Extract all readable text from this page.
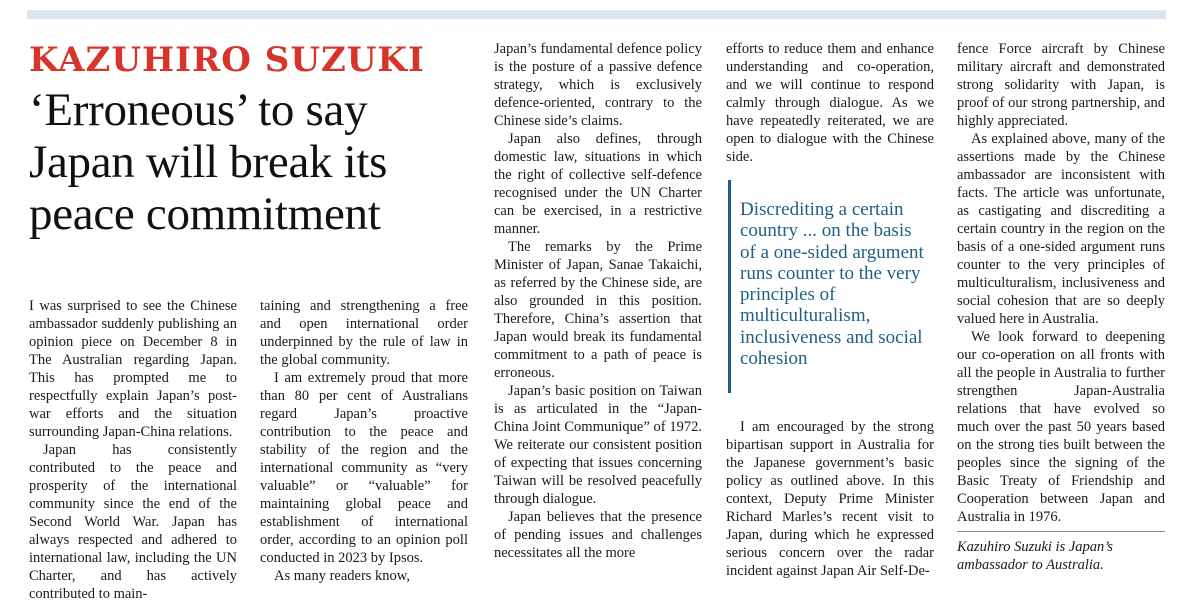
KAZUHIRO SUZUKI
‘Erroneous’ to say Japan will break its peace commitment

I was surprised to see the Chinese ambassador suddenly publishing an opinion piece on December 8 in The Australian regarding Japan. This has prompted me to respectfully explain Japan’s post-war efforts and the situation surrounding Japan-China relations.

Japan has consistently contributed to the peace and prosperity of the international community since the end of the Second World War. Japan has always respected and adhered to international law, including the UN Charter, and has actively contributed to main-

taining and strengthening a free and open international order underpinned by the rule of law in the global community.

I am extremely proud that more than 80 per cent of Australians regard Japan’s proactive contribution to the peace and stability of the region and the international community as “very valuable” or “valuable” for maintaining global peace and establishment of international order, according to an opinion poll conducted in 2023 by Ipsos.

As many readers know,

Japan’s fundamental defence policy is the posture of a passive defence strategy, which is exclusively defence-oriented, contrary to the Chinese side’s claims.

Japan also defines, through domestic law, situations in which the right of collective self-defence recognised under the UN Charter can be exercised, in a restrictive manner.

The remarks by the Prime Minister of Japan, Sanae Takaichi, as referred by the Chinese side, are also grounded in this position. Therefore, China’s assertion that Japan would break its fundamental commitment to a path of peace is erroneous.

Japan’s basic position on Taiwan is as articulated in the “Japan-China Joint Communique” of 1972. We reiterate our consistent position of expecting that issues concerning Taiwan will be resolved peacefully through dialogue.

Japan believes that the presence of pending issues and challenges necessitates all the more

efforts to reduce them and enhance understanding and co-operation, and we will continue to respond calmly through dialogue. As we have repeatedly reiterated, we are open to dialogue with the Chinese side.

Discrediting a certain country ... on the basis of a one-sided argument runs counter to the very principles of multiculturalism, inclusiveness and social cohesion

I am encouraged by the strong bipartisan support in Australia for the Japanese government’s basic policy as outlined above. In this context, Deputy Prime Minister Richard Marles’s recent visit to Japan, during which he expressed serious concern over the radar incident against Japan Air Self-De-

fence Force aircraft by Chinese military aircraft and demonstrated strong solidarity with Japan, is proof of our strong partnership, and highly appreciated.

As explained above, many of the assertions made by the Chinese ambassador are inconsistent with facts. The article was unfortunate, as castigating and discrediting a certain country in the region on the basis of a one-sided argument runs counter to the very principles of multiculturalism, inclusiveness and social cohesion that are so deeply valued here in Australia.

We look forward to deepening our co-operation on all fronts with all the people in Australia to further strengthen Japan-Australia relations that have evolved so much over the past 50 years based on the strong ties built between the peoples since the signing of the Basic Treaty of Friendship and Cooperation between Japan and Australia in 1976.

Kazuhiro Suzuki is Japan’s ambassador to Australia.
